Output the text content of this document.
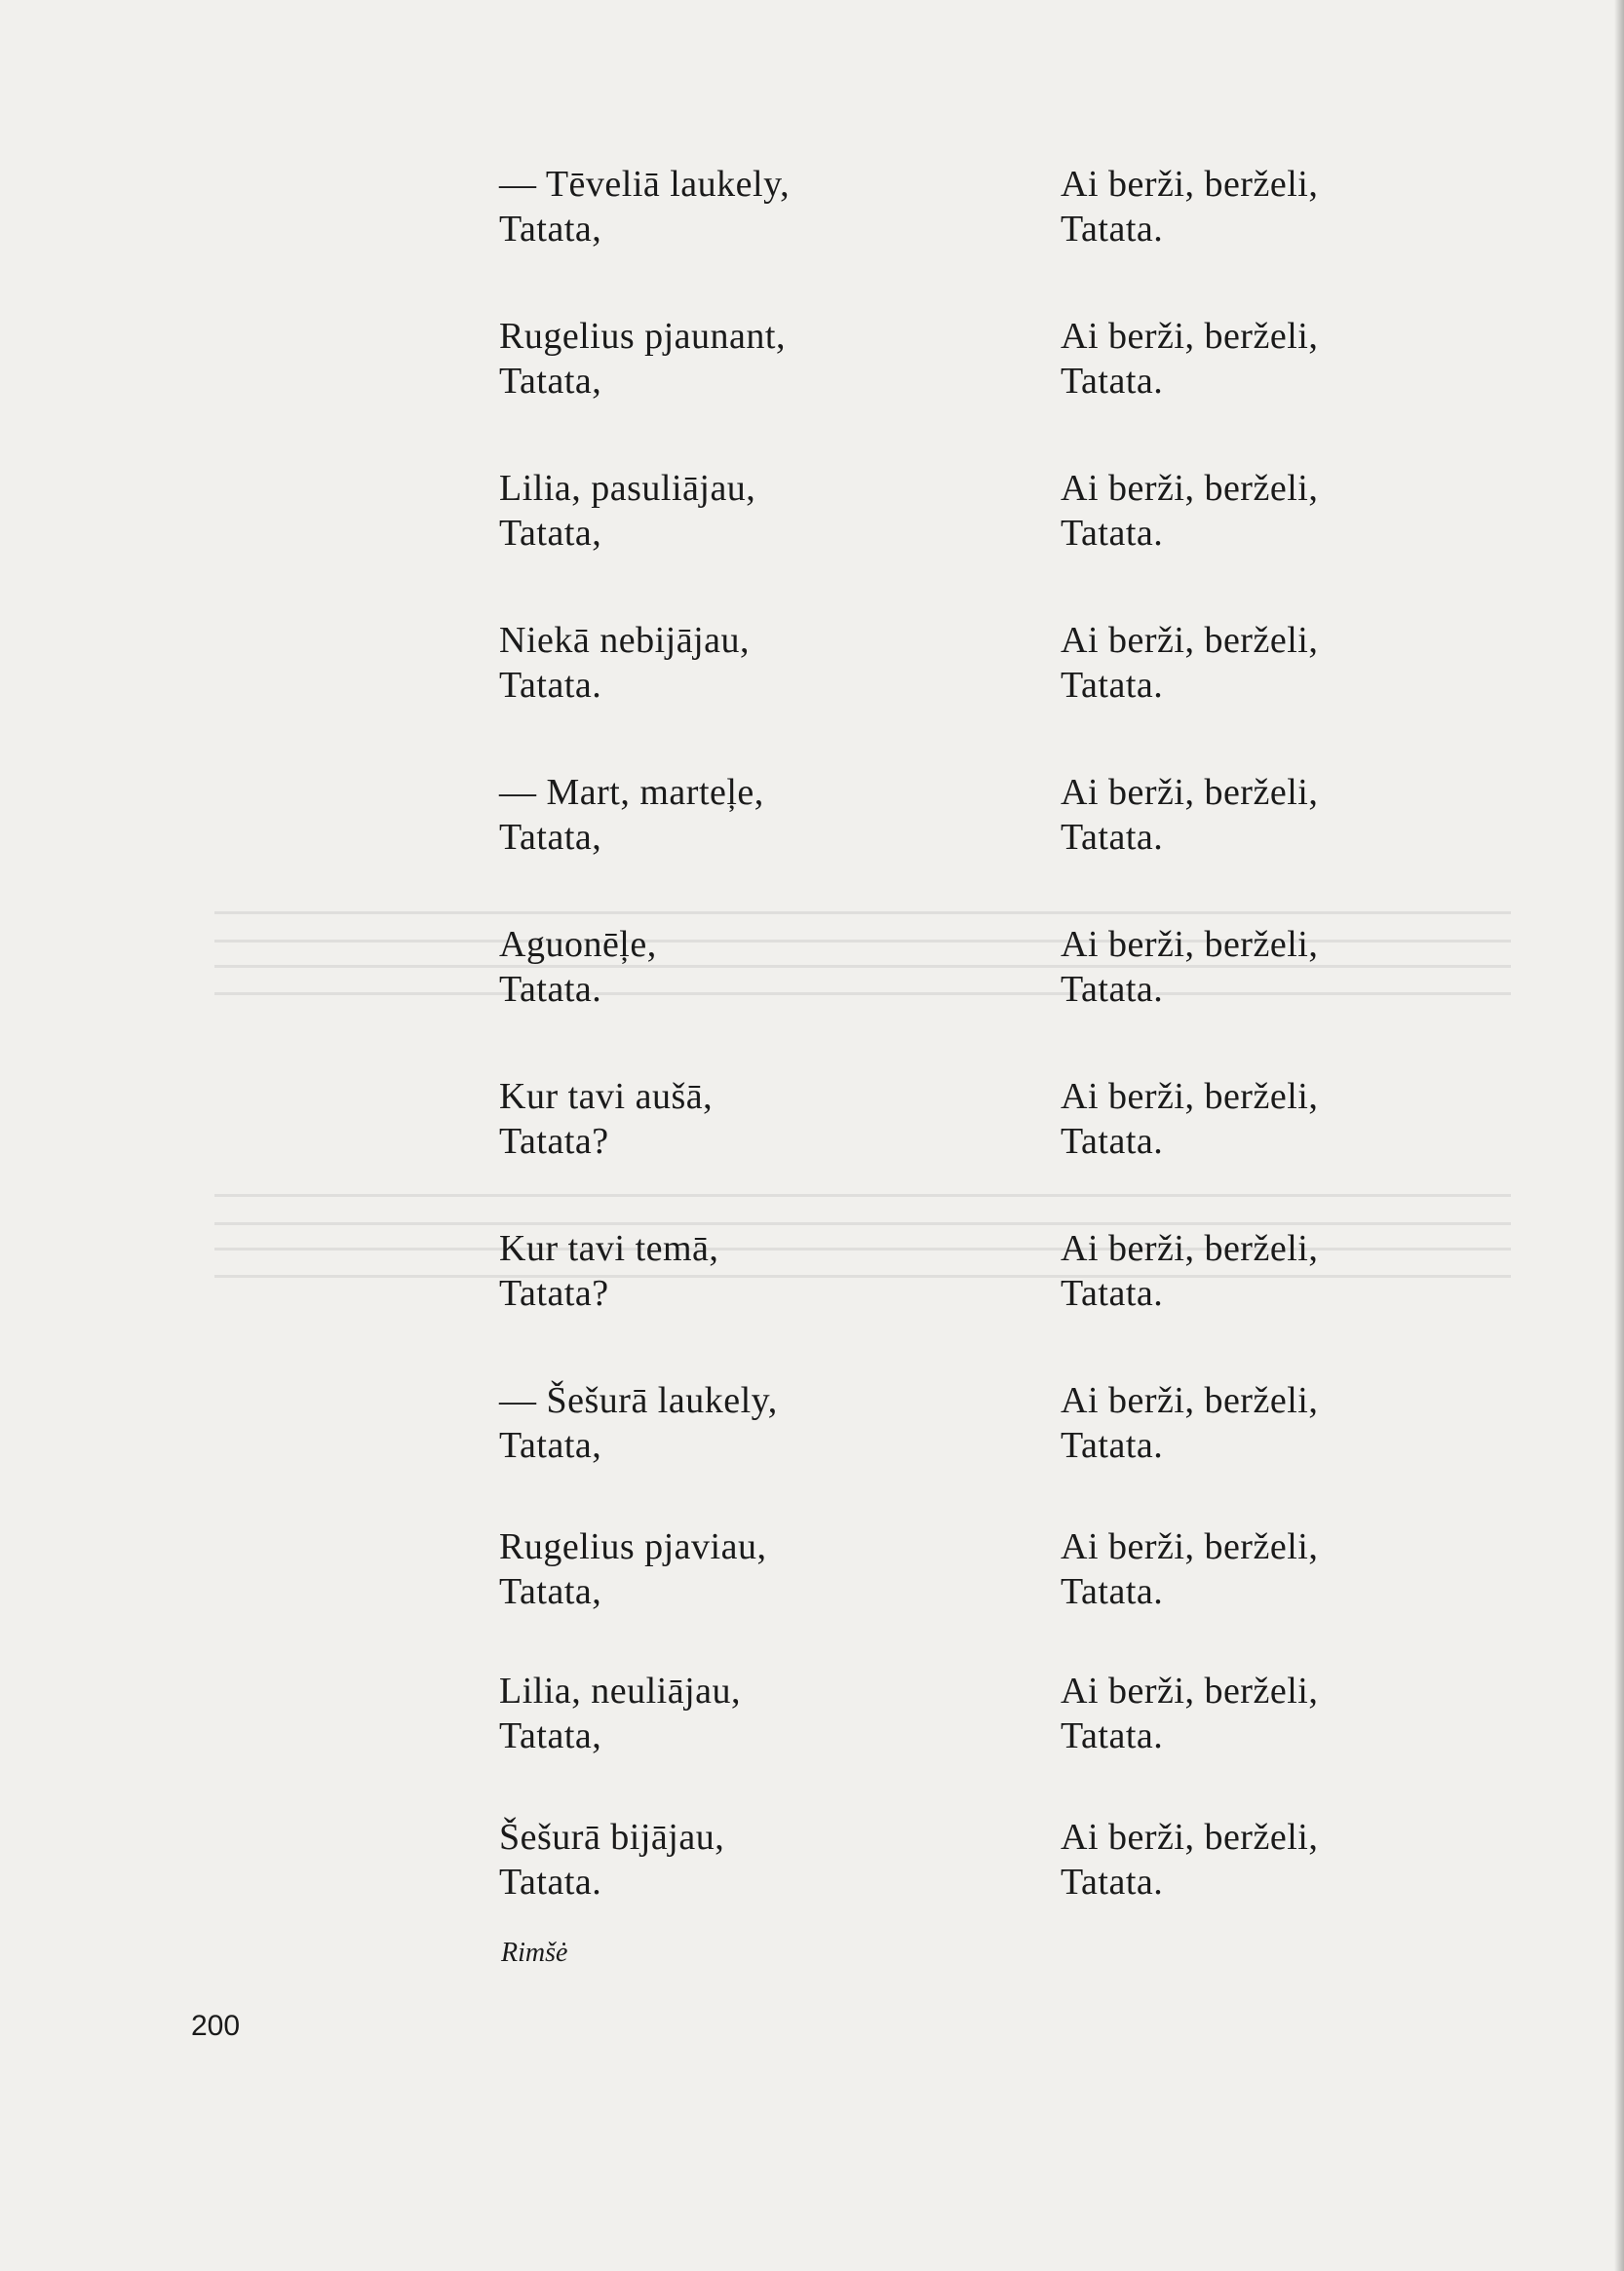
— Tēveliā laukely,
Tatata,
Ai berži, berželi,
Tatata.
Rugelius pjaunant,
Tatata,
Ai berži, berželi,
Tatata.
Lilia, pasuliājau,
Tatata,
Ai berži, berželi,
Tatata.
Niekā nebijājau,
Tatata.
Ai berži, berželi,
Tatata.
— Mart, marteļe,
Tatata,
Ai berži, berželi,
Tatata.
Aguonēļe,
Tatata.
Ai berži, berželi,
Tatata.
Kur tavi aušā,
Tatata?
Ai berži, berželi,
Tatata.
Kur tavi temā,
Tatata?
Ai berži, berželi,
Tatata.
— Šešurā laukely,
Tatata,
Ai berži, berželi,
Tatata.
Rugelius pjaviau,
Tatata,
Ai berži, berželi,
Tatata.
Lilia, neuliājau,
Tatata,
Ai berži, berželi,
Tatata.
Šešurā bijājau,
Tatata.
Ai berži, berželi,
Tatata.
Rimšė
200
